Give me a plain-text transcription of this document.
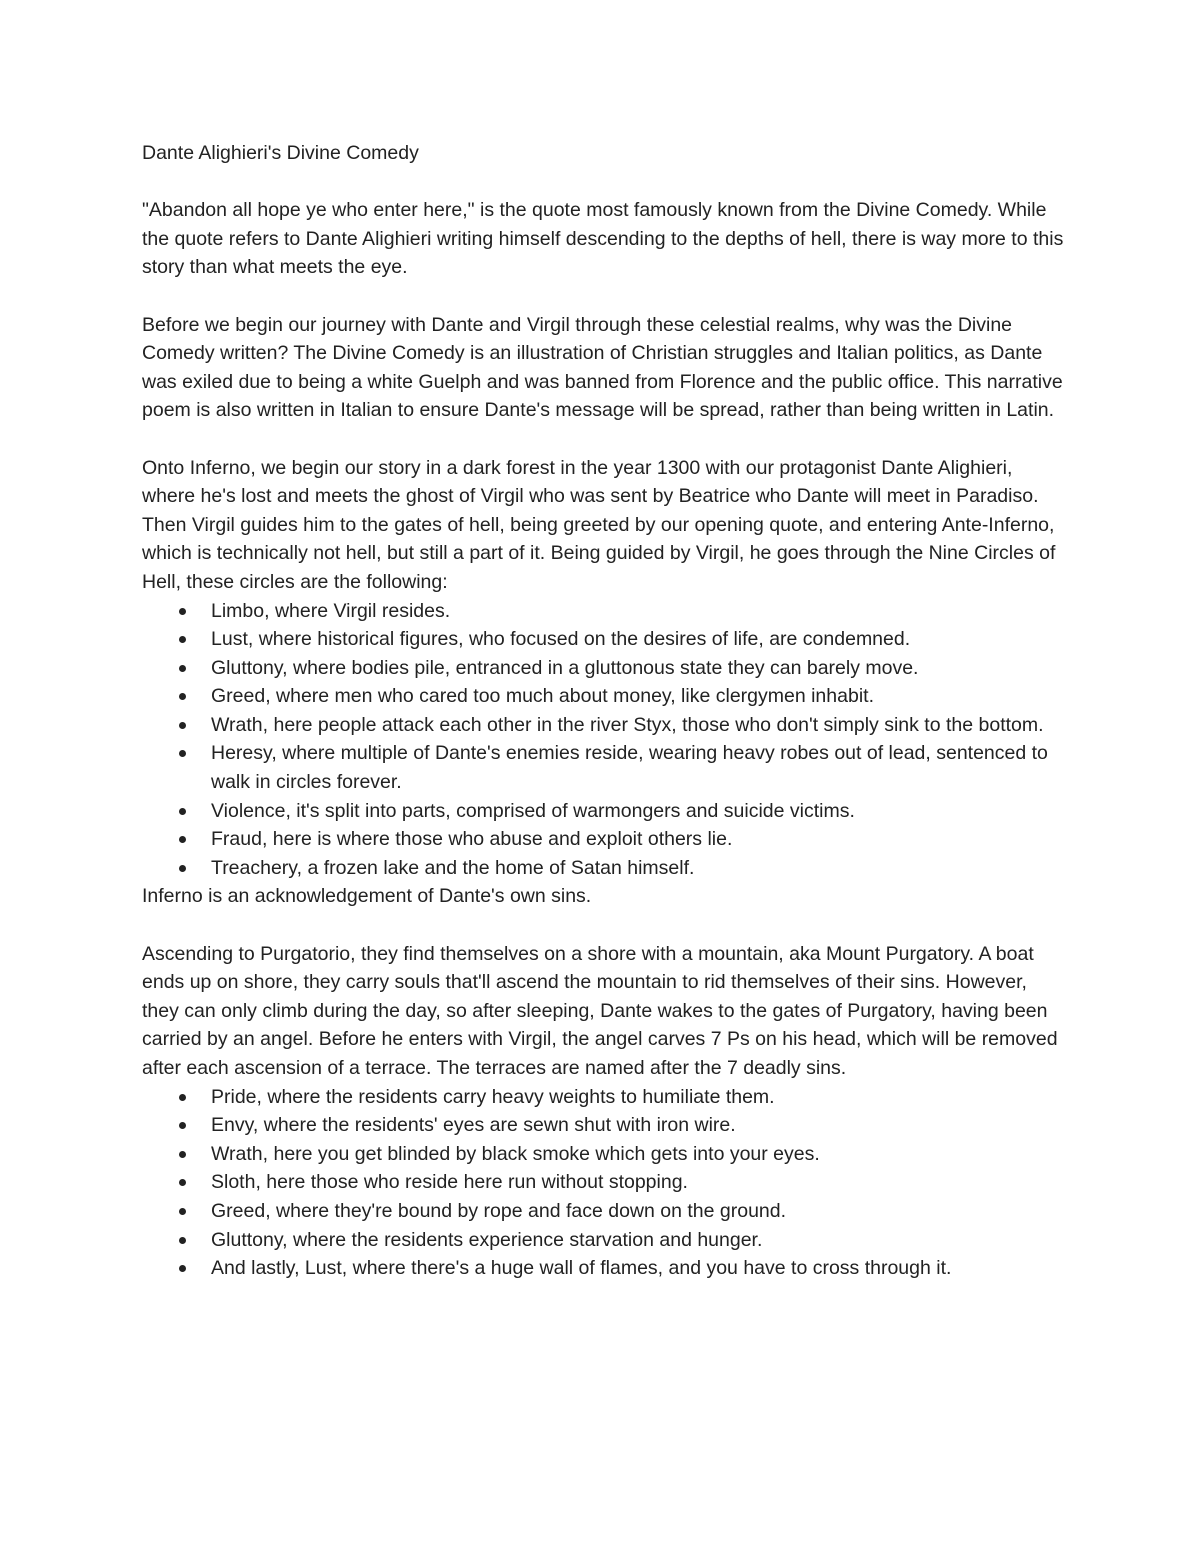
Dante Alighieri's Divine Comedy

"Abandon all hope ye who enter here," is the quote most famously known from the Divine Comedy. While the quote refers to Dante Alighieri writing himself descending to the depths of hell, there is way more to this story than what meets the eye.

Before we begin our journey with Dante and Virgil through these celestial realms, why was the Divine Comedy written? The Divine Comedy is an illustration of Christian struggles and Italian politics, as Dante was exiled due to being a white Guelph and was banned from Florence and the public office. This narrative poem is also written in Italian to ensure Dante's message will be spread, rather than being written in Latin.

Onto Inferno, we begin our story in a dark forest in the year 1300 with our protagonist Dante Alighieri, where he's lost and meets the ghost of Virgil who was sent by Beatrice who Dante will meet in Paradiso. Then Virgil guides him to the gates of hell, being greeted by our opening quote, and entering Ante-Inferno, which is technically not hell, but still a part of it. Being guided by Virgil, he goes through the Nine Circles of Hell, these circles are the following:

Limbo, where Virgil resides.
Lust, where historical figures, who focused on the desires of life, are condemned.
Gluttony, where bodies pile, entranced in a gluttonous state they can barely move.
Greed, where men who cared too much about money, like clergymen inhabit.
Wrath, here people attack each other in the river Styx, those who don't simply sink to the bottom.
Heresy, where multiple of Dante's enemies reside, wearing heavy robes out of lead, sentenced to walk in circles forever.
Violence, it's split into parts, comprised of warmongers and suicide victims.
Fraud, here is where those who abuse and exploit others lie.
Treachery, a frozen lake and the home of Satan himself.

Inferno is an acknowledgement of Dante's own sins.

Ascending to Purgatorio, they find themselves on a shore with a mountain, aka Mount Purgatory. A boat ends up on shore, they carry souls that'll ascend the mountain to rid themselves of their sins. However, they can only climb during the day, so after sleeping, Dante wakes to the gates of Purgatory, having been carried by an angel. Before he enters with Virgil, the angel carves 7 Ps on his head, which will be removed after each ascension of a terrace. The terraces are named after the 7 deadly sins.

Pride, where the residents carry heavy weights to humiliate them.
Envy, where the residents' eyes are sewn shut with iron wire.
Wrath, here you get blinded by black smoke which gets into your eyes.
Sloth, here those who reside here run without stopping.
Greed, where they're bound by rope and face down on the ground.
Gluttony, where the residents experience starvation and hunger.
And lastly, Lust, where there's a huge wall of flames, and you have to cross through it.
